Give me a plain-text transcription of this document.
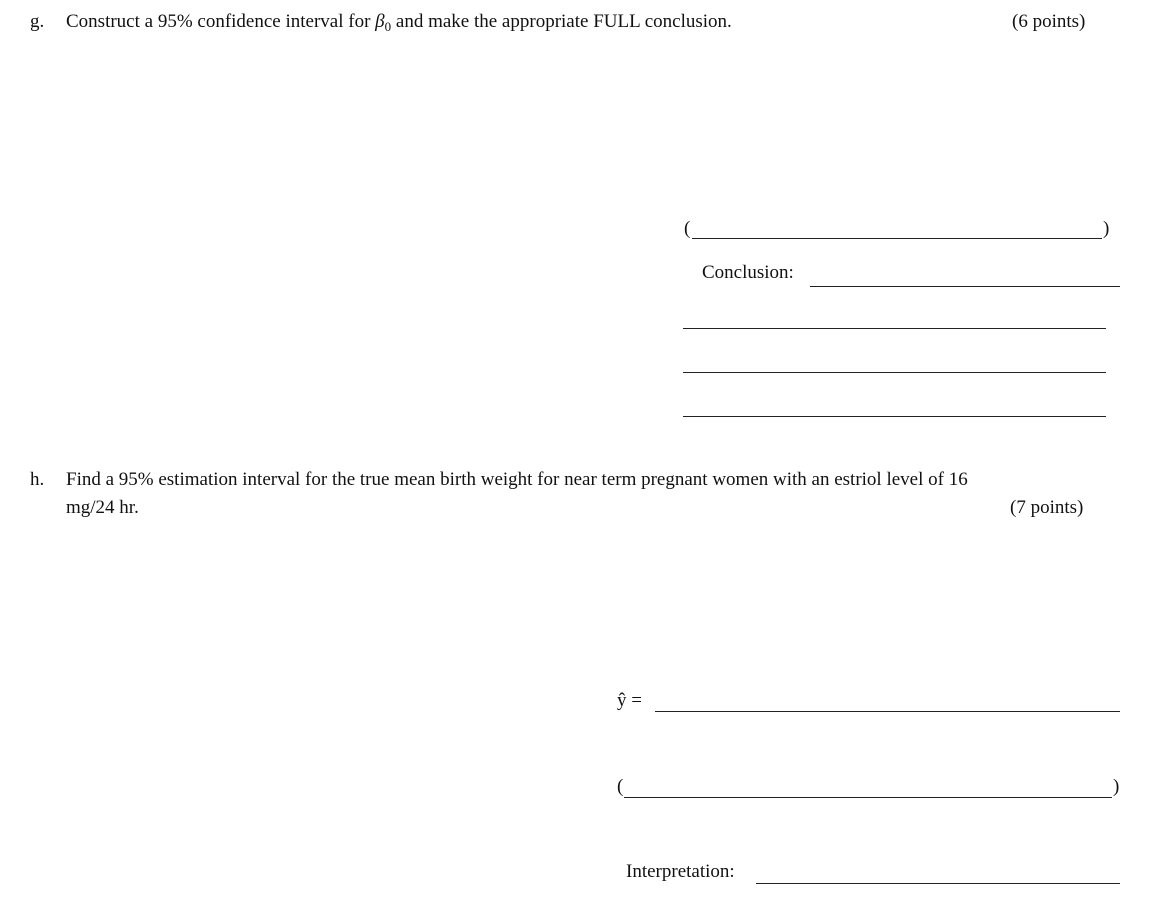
g. Construct a 95% confidence interval for $\beta_0$ and make the appropriate FULL conclusion.	(6 points)
(	)
Conclusion:
h. Find a 95% estimation interval for the true mean birth weight for near term pregnant women with an estriol level of 16
mg/24 hr.	(7 points)
ŷ =
(	)
Interpretation:
